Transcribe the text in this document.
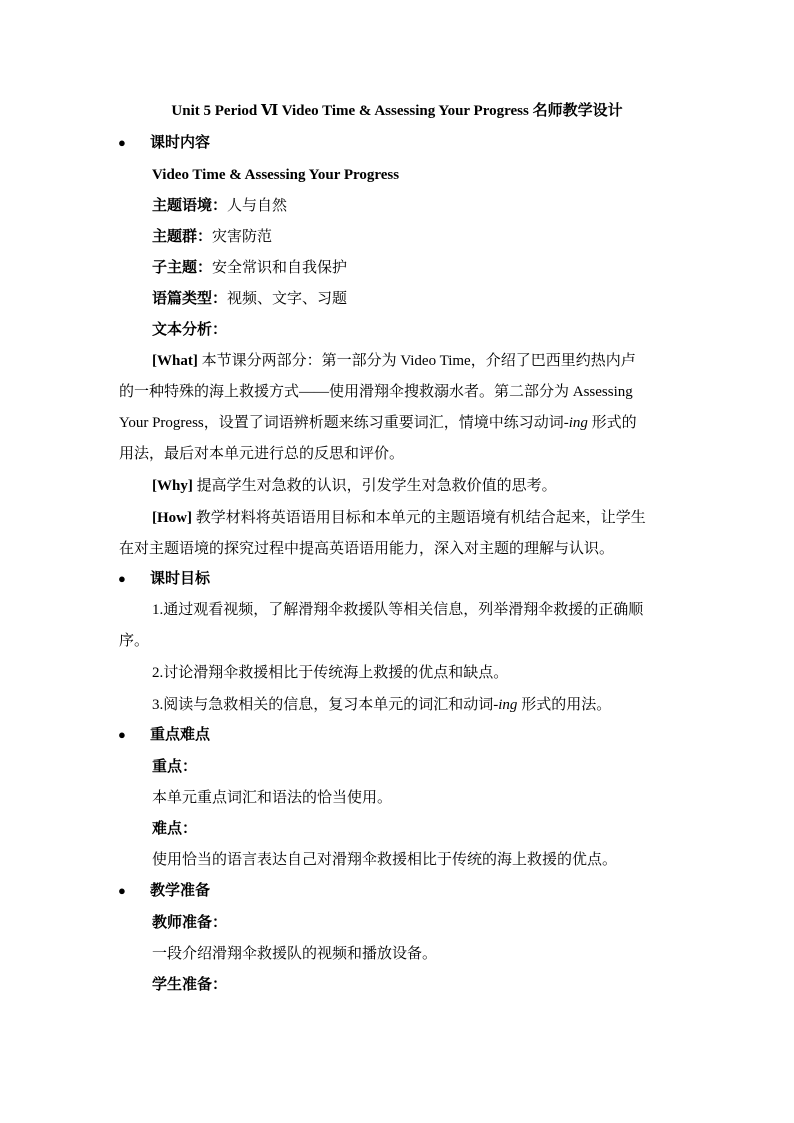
Unit 5 Period Ⅵ Video Time & Assessing Your Progress 名师教学设计
●	课时内容
Video Time & Assessing Your Progress
主题语境：人与自然
主题群：灾害防范
子主题：安全常识和自我保护
语篇类型：视频、文字、习题
文本分析：
[What] 本节课分两部分：第一部分为 Video Time，介绍了巴西里约热内卢
的一种特殊的海上救援方式——使用滑翔伞搜救溺水者。第二部分为 Assessing
Your Progress，设置了词语辨析题来练习重要词汇，情境中练习动词-ing 形式的
用法，最后对本单元进行总的反思和评价。
[Why] 提高学生对急救的认识，引发学生对急救价值的思考。
[How] 教学材料将英语语用目标和本单元的主题语境有机结合起来，让学生
在对主题语境的探究过程中提高英语语用能力，深入对主题的理解与认识。
●	课时目标
1.通过观看视频，了解滑翔伞救援队等相关信息，列举滑翔伞救援的正确顺
序。
2.讨论滑翔伞救援相比于传统海上救援的优点和缺点。
3.阅读与急救相关的信息，复习本单元的词汇和动词-ing 形式的用法。
●	重点难点
重点：
本单元重点词汇和语法的恰当使用。
难点：
使用恰当的语言表达自己对滑翔伞救援相比于传统的海上救援的优点。
●	教学准备
教师准备：
一段介绍滑翔伞救援队的视频和播放设备。
学生准备：
